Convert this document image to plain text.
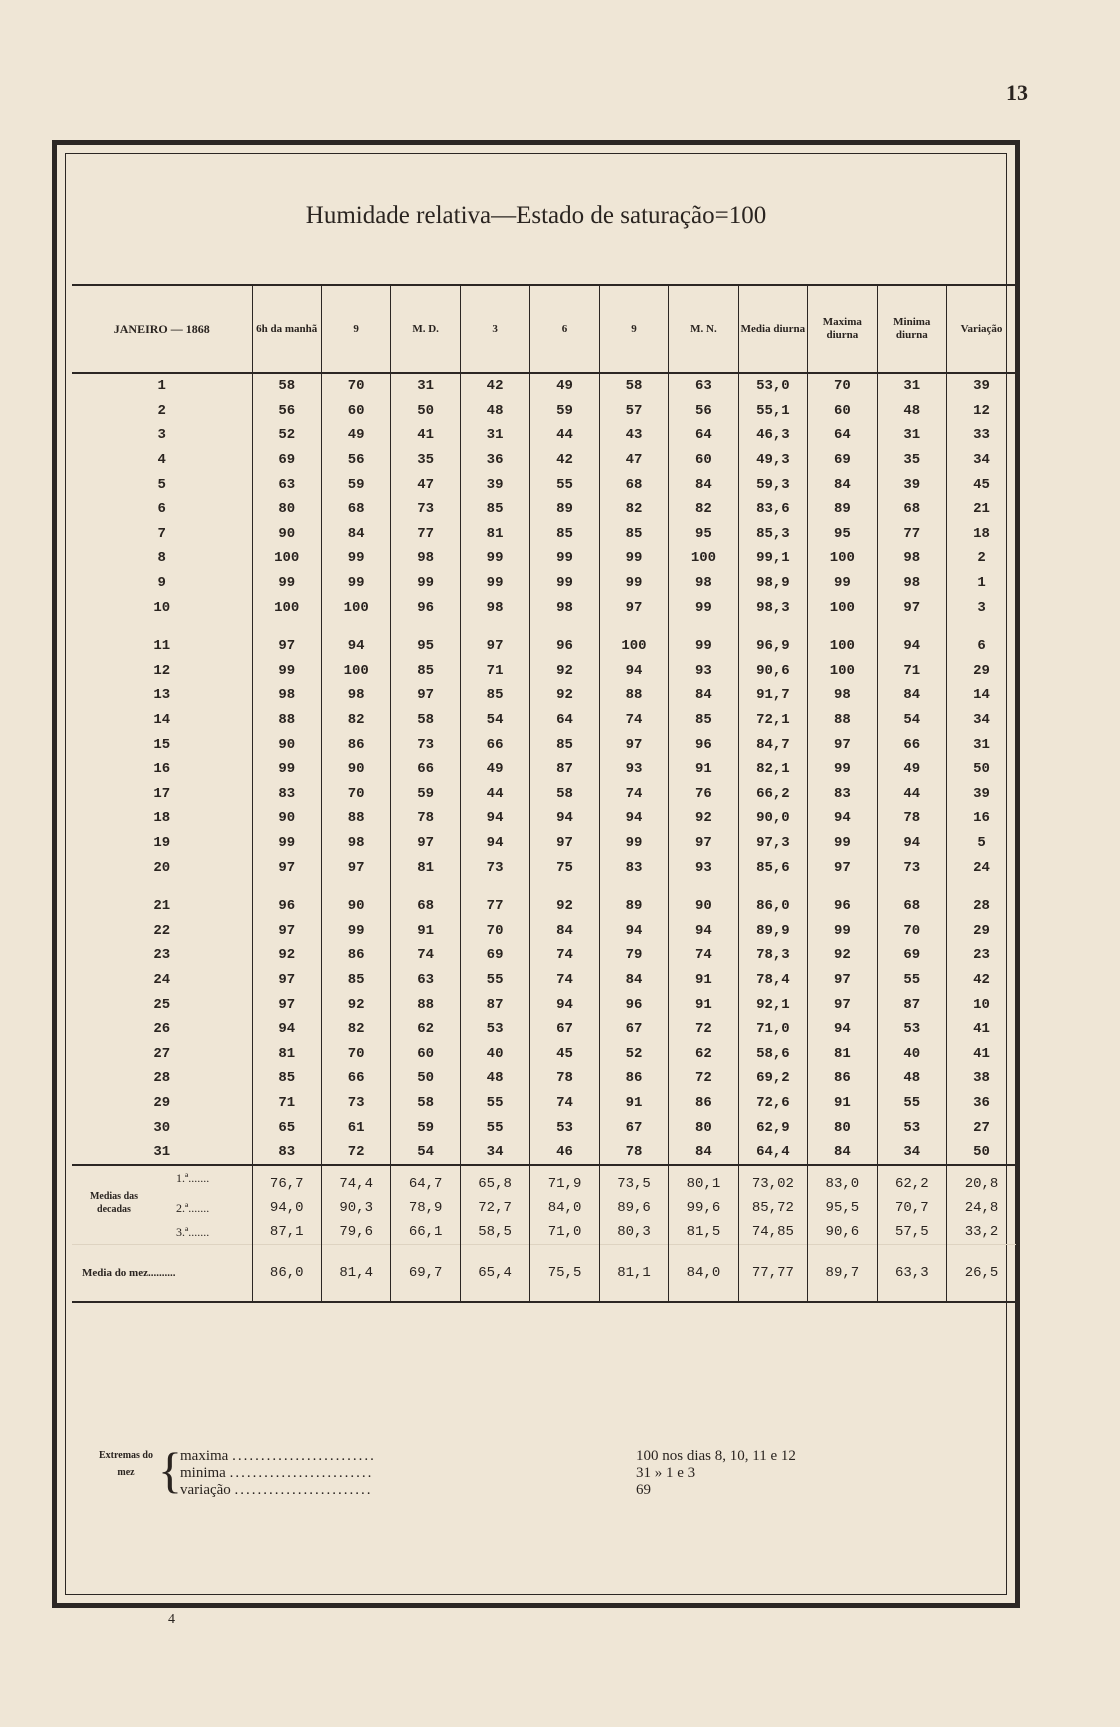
13
Humidade relativa—Estado de saturação=100
JANEIRO — 1868	6h da manhã	9	M. D.	3	6	9	M. N.	Media diurna	Maxima diurna	Minima diurna	Variação
1	58	70	31	42	49	58	63	53,0	70	31	39
2	56	60	50	48	59	57	56	55,1	60	48	12
3	52	49	41	31	44	43	64	46,3	64	31	33
4	69	56	35	36	42	47	60	49,3	69	35	34
5	63	59	47	39	55	68	84	59,3	84	39	45
6	80	68	73	85	89	82	82	83,6	89	68	21
7	90	84	77	81	85	85	95	85,3	95	77	18
8	100	99	98	99	99	99	100	99,1	100	98	2
9	99	99	99	99	99	99	98	98,9	99	98	1
10	100	100	96	98	98	97	99	98,3	100	97	3

11	97	94	95	97	96	100	99	96,9	100	94	6
12	99	100	85	71	92	94	93	90,6	100	71	29
13	98	98	97	85	92	88	84	91,7	98	84	14
14	88	82	58	54	64	74	85	72,1	88	54	34
15	90	86	73	66	85	97	96	84,7	97	66	31
16	99	90	66	49	87	93	91	82,1	99	49	50
17	83	70	59	44	58	74	76	66,2	83	44	39
18	90	88	78	94	94	94	92	90,0	94	78	16
19	99	98	97	94	97	99	97	97,3	99	94	5
20	97	97	81	73	75	83	93	85,6	97	73	24

21	96	90	68	77	92	89	90	86,0	96	68	28
22	97	99	91	70	84	94	94	89,9	99	70	29
23	92	86	74	69	74	79	74	78,3	92	69	23
24	97	85	63	55	74	84	91	78,4	97	55	42
25	97	92	88	87	94	96	91	92,1	97	87	10
26	94	82	62	53	67	67	72	71,0	94	53	41
27	81	70	60	40	45	52	62	58,6	81	40	41
28	85	66	50	48	78	86	72	69,2	86	48	38
29	71	73	58	55	74	91	86	72,6	91	55	36
30	65	61	59	55	53	67	80	62,9	80	53	27
31	83	72	54	34	46	78	84	64,4	84	34	50

Medias das decadas
1.ª.......	76,7	74,4	64,7	65,8	71,9	73,5	80,1	73,02	83,0	62,2	20,8

2.ª.......	94,0	90,3	78,9	72,7	84,0	89,6	99,6	85,72	95,5	70,7	24,8

3.ª.......	87,1	79,6	66,1	58,5	71,0	80,3	81,5	74,85	90,6	57,5	33,2
Media do mez..........	86,0	81,4	69,7	65,4	75,5	81,1	84,0	77,77	89,7	63,3	26,5
Extremas do mez {
maxima .........................	100 nos dias 8, 10, 11 e 12
minima .........................	31 » 1 e 3
variação ........................	69
4
